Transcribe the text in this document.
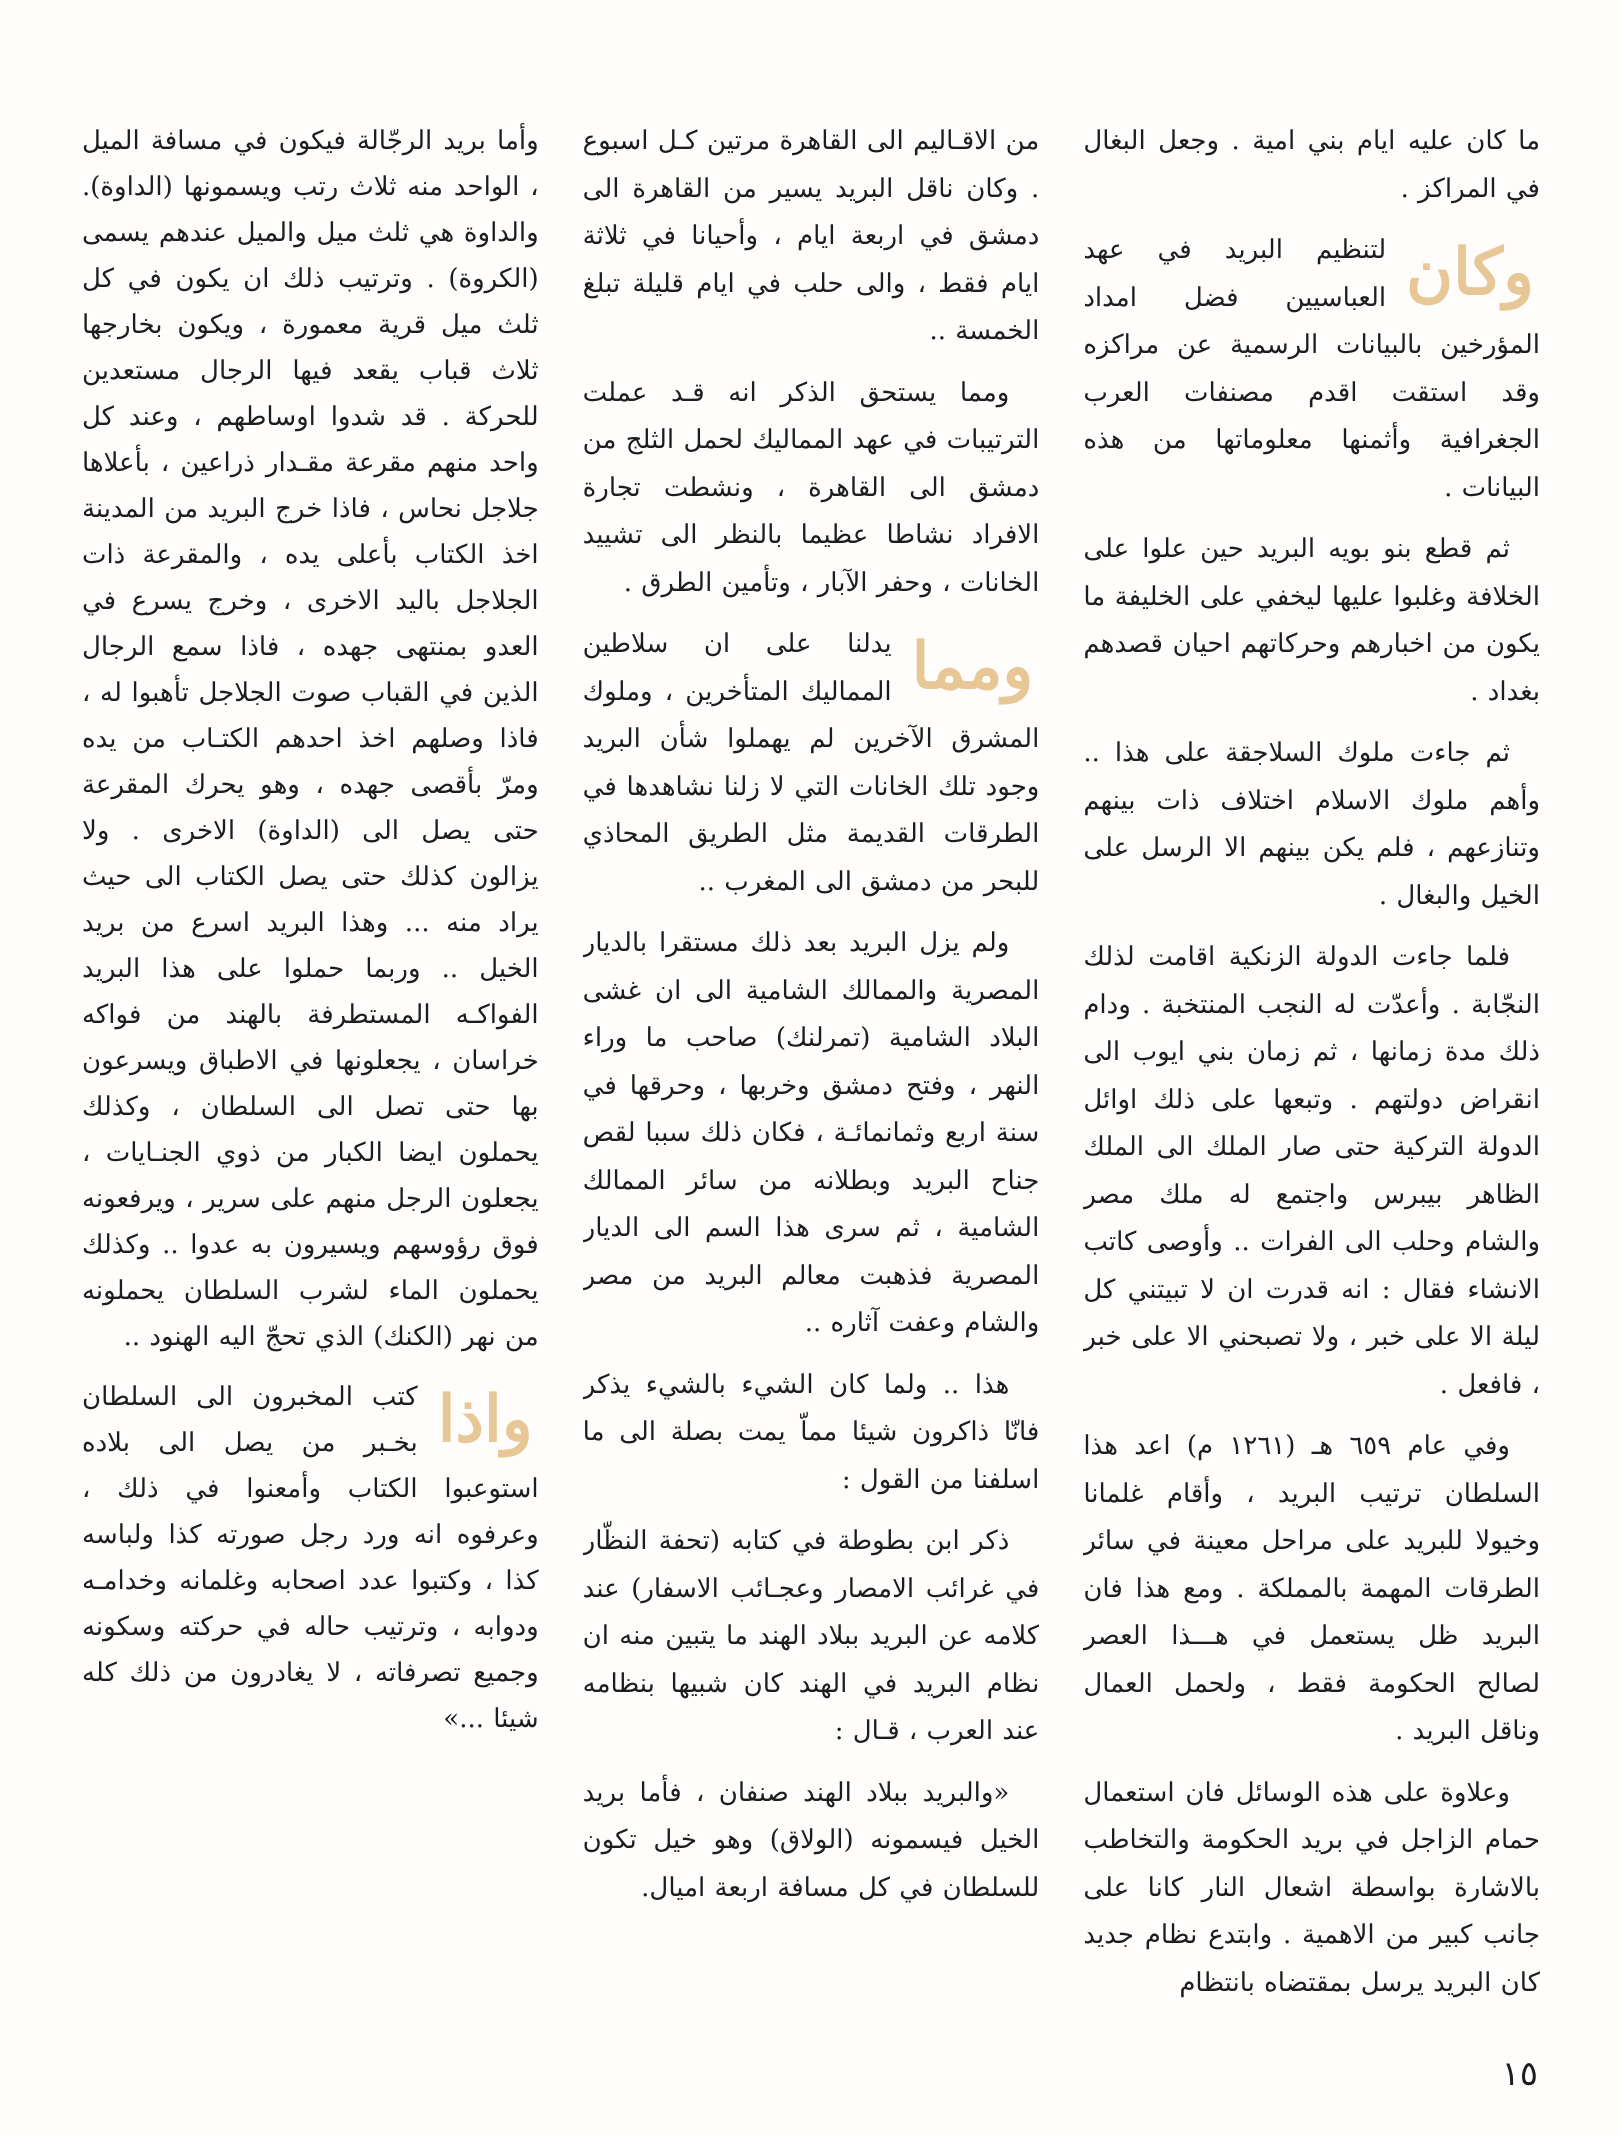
ما كان عليه ايام بني امية . وجعل البغال في المراكز .

وكان
لتنظيم البريد في عهد العباسيين فضل امداد المؤرخين بالبيانات الرسمية عن مراكزه وقد استقت اقدم مصنفات العرب الجغرافية وأثمنها معلوماتها من هذه البيانات .

ثم قطع بنو بويه البريد حين علوا على الخلافة وغلبوا عليها ليخفي على الخليفة ما يكون من اخبارهم وحركاتهم احيان قصدهم بغداد .

ثم جاءت ملوك السلاجقة على هذا .. وأهم ملوك الاسلام اختلاف ذات بينهم وتنازعهم ، فلم يكن بينهم الا الرسل على الخيل والبغال .

فلما جاءت الدولة الزنكية اقامت لذلك النجّابة . وأعدّت له النجب المنتخبة . ودام ذلك مدة زمانها ، ثم زمان بني ايوب الى انقراض دولتهم . وتبعها على ذلك اوائل الدولة التركية حتى صار الملك الى الملك الظاهر بيبرس واجتمع له ملك مصر والشام وحلب الى الفرات .. وأوصى كاتب الانشاء فقال : انه قدرت ان لا تبيتني كل ليلة الا على خبر ، ولا تصبحني الا على خبر ، فافعل .

وفي عام ٦٥٩ هـ (١٢٦١ م) اعد هذا السلطان ترتيب البريد ، وأقام غلمانا وخيولا للبريد على مراحل معينة في سائر الطرقات المهمة بالمملكة . ومع هذا فان البريد ظل يستعمل في هـــذا العصر لصالح الحكومة فقط ، ولحمل العمال وناقل البريد .

وعلاوة على هذه الوسائل فان استعمال حمام الزاجل في بريد الحكومة والتخاطب بالاشارة بواسطة اشعال النار كانا على جانب كبير من الاهمية . وابتدع نظام جديد كان البريد يرسل بمقتضاه بانتظام

من الاقـاليم الى القاهرة مرتين كـل اسبوع . وكان ناقل البريد يسير من القاهرة الى دمشق في اربعة ايام ، وأحيانا في ثلاثة ايام فقط ، والى حلب في ايام قليلة تبلغ الخمسة ..

ومما يستحق الذكر انه قـد عملت الترتيبات في عهد المماليك لحمل الثلج من دمشق الى القاهرة ، ونشطت تجارة الافراد نشاطا عظيما بالنظر الى تشييد الخانات ، وحفر الآبار ، وتأمين الطرق .

ومما
يدلنا على ان سلاطين المماليك المتأخرين ، وملوك المشرق الآخرين لم يهملوا شأن البريد وجود تلك الخانات التي لا زلنا نشاهدها في الطرقات القديمة مثل الطريق المحاذي للبحر من دمشق الى المغرب ..

ولم يزل البريد بعد ذلك مستقرا بالديار المصرية والممالك الشامية الى ان غشى البلاد الشامية (تمرلنك) صاحب ما وراء النهر ، وفتح دمشق وخربها ، وحرقها في سنة اربع وثمانمائـة ، فكان ذلك سببا لقص جناح البريد وبطلانه من سائر الممالك الشامية ، ثم سرى هذا السم الى الديار المصرية فذهبت معالم البريد من مصر والشام وعفت آثاره ..

هذا .. ولما كان الشيء بالشيء يذكر فانّا ذاكرون شيئا مماّ يمت بصلة الى ما اسلفنا من القول :

ذكر ابن بطوطة في كتابه (تحفة النظّار في غرائب الامصار وعجـائب الاسفار) عند كلامه عن البريد ببلاد الهند ما يتبين منه ان نظام البريد في الهند كان شبيها بنظامه عند العرب ، قـال :

«والبريد ببلاد الهند صنفان ، فأما بريد الخيل فيسمونه (الولاق) وهو خيل تكون للسلطان في كل مسافة اربعة اميال.

وأما بريد الرجّالة فيكون في مسافة الميل ، الواحد منه ثلاث رتب ويسمونها (الداوة). والداوة هي ثلث ميل والميل عندهم يسمى (الكروة) . وترتيب ذلك ان يكون في كل ثلث ميل قرية معمورة ، ويكون بخارجها ثلاث قباب يقعد فيها الرجال مستعدين للحركة . قد شدوا اوساطهم ، وعند كل واحد منهم مقرعة مقـدار ذراعين ، بأعلاها جلاجل نحاس ، فاذا خرج البريد من المدينة اخذ الكتاب بأعلى يده ، والمقرعة ذات الجلاجل باليد الاخرى ، وخرج يسرع في العدو بمنتهى جهده ، فاذا سمع الرجال الذين في القباب صوت الجلاجل تأهبوا له ، فاذا وصلهم اخذ احدهم الكتـاب من يده ومرّ بأقصى جهده ، وهو يحرك المقرعة حتى يصل الى (الداوة) الاخرى . ولا يزالون كذلك حتى يصل الكتاب الى حيث يراد منه ... وهذا البريد اسرع من بريد الخيل .. وربما حملوا على هذا البريد الفواكـه المستطرفة بالهند من فواكه خراسان ، يجعلونها في الاطباق ويسرعون بها حتى تصل الى السلطان ، وكذلك يحملون ايضا الكبار من ذوي الجنـايات ، يجعلون الرجل منهم على سرير ، ويرفعونه فوق رؤوسهم ويسيرون به عدوا .. وكذلك يحملون الماء لشرب السلطان يحملونه من نهر (الكنك) الذي تحجّ اليه الهنود ..

واذا
كتب المخبرون الى السلطان بخـبر من يصل الى بلاده استوعبوا الكتاب وأمعنوا في ذلك ، وعرفوه انه ورد رجل صورته كذا ولباسه كذا ، وكتبوا عدد اصحابه وغلمانه وخدامـه ودوابه ، وترتيب حاله في حركته وسكونه وجميع تصرفاته ، لا يغادرون من ذلك كله شيئا ...»

١٥
